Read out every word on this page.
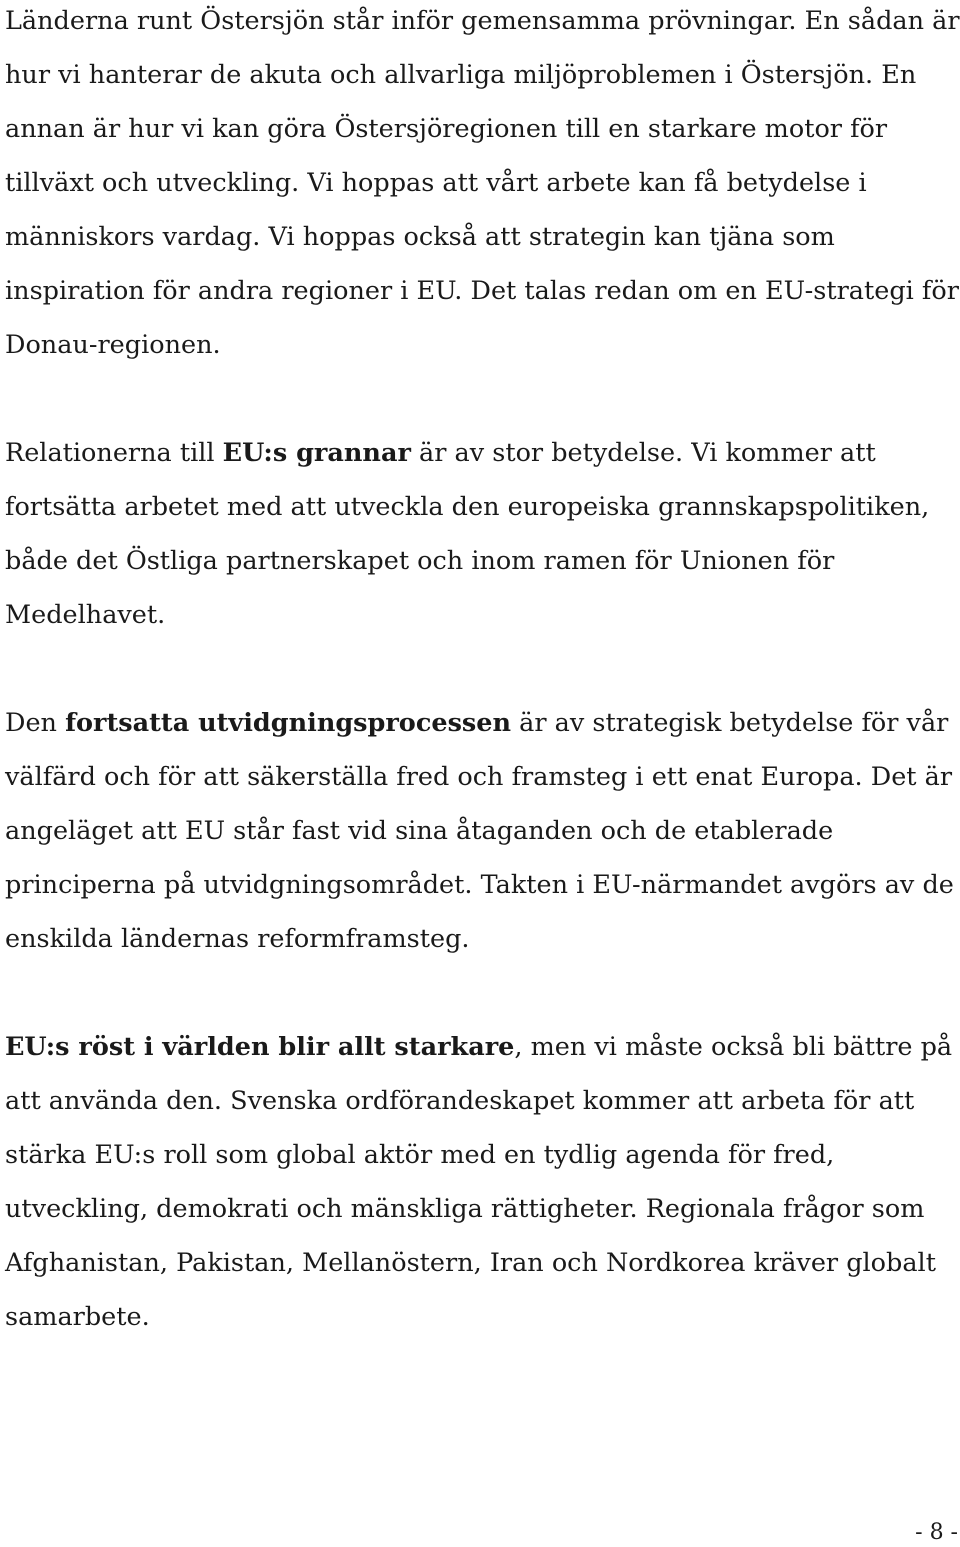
Länderna runt Östersjön står inför gemensamma prövningar. En sådan är hur vi hanterar de akuta och allvarliga miljöproblemen i Östersjön. En annan är hur vi kan göra Östersjöregionen till en starkare motor för tillväxt och utveckling. Vi hoppas att vårt arbete kan få betydelse i människors vardag. Vi hoppas också att strategin kan tjäna som inspiration för andra regioner i EU. Det talas redan om en EU-strategi för Donau-regionen.

Relationerna till EU:s grannar är av stor betydelse. Vi kommer att fortsätta arbetet med att utveckla den europeiska grannskapspolitiken, både det Östliga partnerskapet och inom ramen för Unionen för Medelhavet.

Den fortsatta utvidgningsprocessen är av strategisk betydelse för vår välfärd och för att säkerställa fred och framsteg i ett enat Europa. Det är angeläget att EU står fast vid sina åtaganden och de etablerade principerna på utvidgningsområdet. Takten i EU-närmandet avgörs av de enskilda ländernas reformframsteg.

EU:s röst i världen blir allt starkare, men vi måste också bli bättre på att använda den. Svenska ordförandeskapet kommer att arbeta för att stärka EU:s roll som global aktör med en tydlig agenda för fred, utveckling, demokrati och mänskliga rättigheter. Regionala frågor som Afghanistan, Pakistan, Mellanöstern, Iran och Nordkorea kräver globalt samarbete.

- 8 -
